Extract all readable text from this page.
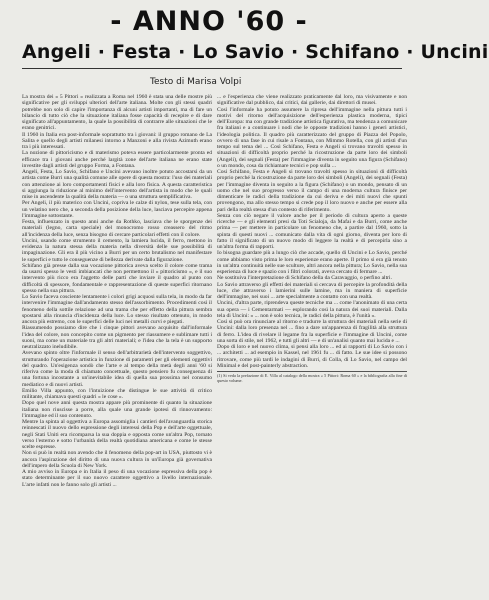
- ANNO '60 -
Angeli · Festa · Lo Savio · Schifano · Uncini
Testo di Marisa Volpi

La mostra dei « 5 Pittori » realizzata a Roma nel 1960 è stata una delle mostre più significative per gli sviluppi ulteriori dell'arte italiana. Molte con gli stessi quadri potrebbe non solo di capire l'importanza di alcuni artisti importanti, ma di fare un bilancio di tutto ciò che la situazione italiana fosse capacità di recepire e di dare significato all'appuntamento, la quale la possibilità di contrarre alle situazioni che le erano genitrici.

Il 1960 in Italia era post-informale soprattutto tra i giovani: il gruppo romano de La Salita e quello degli artisti milanesi intorno a Manzoni e alla rivista Azimuth erano tra i più interessati.

La nozione di pittoricismo e di materismo poteva essere particolarmente pronta ed efficace tra i giovani anche perché largità zone dell'arte italiana ne erano state investite dagli artisti del gruppo Forma, a Fontana.

Angeli, Festa, Lo Savio, Schifano e Uncini avevano inoltre potuto accostarsi da un artista come Burri una qualità comune alle opere di questa mostra: l'uso dei materiali con attenzione ai loro comportamenti fisici e alla loro fisica. A questa caratteristica si aggiunga la riduzione al minimo dell'intervento dell'artista in modo che le quali mise in ascendente la qualità della materia — o una struttura semplificativa.

Per Angeli, il più materico con Uncini, copriva le calze di nylon, tese sulla tela, con un velatino nero che, a seconda della posizione della luce, lasciava percepire appena l'immagine sottostante.

Festa, influenzato in questo anni anche da Rothko, lasciava che le sporgenze dei materiali (legno, carta speciale) del monocromo rosso creassero del ritmo all'incidenza della luce, senza bisogno di cercare particolari effetti con il colore.

Uncini, usando come strumento il cemento, la lamiera lucida, il ferro, mettono in evidenza la natura stessa della materia nella diversità delle sue possibilità di impaginazione. Gli era il più vicino a Burri per un certo brutalismo nel manifestare le superfici e tutto le conseguenze di bellezza derivate dalla figurazione.

Schifano già presse dalla sua vocazione pittorica aveva scelto il colore come trama da usarsi spesso le vesti imbiancati che non permettono il « pittoricismo », e il suo intervento più ricco era l'aggetto delle parti che inviare il quadro al punto con difficoltà di spessore, fondamentale e rappresentazione di queste superfici ritornano spesso nella sua pittura.

Lo Savio faceva cosciente lentamente i colori grigi acquosi sulla tela, in modo da far intervenire l'immagine dall'andamento stesso dell'assorbimento. Procedimenti così il fenomeno della sottile relazione ad una trama che per effetto della pittura sembra spostarsi alla rinuncia d'incidenza della luce. Lo stesso risultato ottenuto, in modo ancora più estremo, con le superfici delle luci nei metalli curvi e piegati.

Riassumendo possiamo dire che i cinque pittori avevano acquisito dall'informale l'idea del colore, non concepito come un pigmento per riassumere e sublimare tutti i suoni, ma come un materiale tra gli altri materiali; e l'idea che la tela è un supporto neutralizzato ineludibile.

Avevano spinto oltre l'informale il senso dell'arbitrarietà dell'intervento soggettivo, strutturando l'operazione artistica in funzione di parametri per gli elementi oggettivi del quadro. Un'esigenza sondò che l'arte e al tempo della metà degli anni '60 si riferiva come la moda di chiamato concettuale, questo pensiero fu conseguenza di una fortuna incostante a un'inevitabile idea di quella sua prossima nel consumo mediatico e di nuovi artisti.

Emilio Villa appunto, con l'intuizione che distingue le sue attività di critico militante, chiamava questi quadri « le cose ».

Dopo quel nove anni questa mostra appare più prominente di quanto la situazione italiana non riuscisse a porre, alla quale una grande ipotesi di rinnovamento: l'immagine ed il suo contenuto.

Mentre la spinta al oggettiva a Europa assomiglia i cantieri dell'avanguardia storica reinnescati il nuovo dello espressione degli interessi della Pop e dell'arte oggettuale, negli Stati Uniti era ricomparsa la sua doppia e opposta come un'altra Pop, tornato verso l'esterno e sotto l'urbanità della realtà quotidiana americana e come le stesse scelte espresse.

Non si può in realtà non avendo che il fenomeno della pop-art in USA, piuttosto vi è ancora l'aspirazione del diritto di una nuova cultura in un'Europa già governativa dell'impero della Scuola di New York.

A mio avviso in Europa e in Italia il peso di una vocazione espressiva della pop è stato determinante per il suo nuovo carattere oggettivo a livello internazionale. L'arte infatti non le fanno solo gli artisti ...

... e l'esperienza che viene realizzato praticamente dal loro, ma visivamente e non significative dal pubblico, dai critici, dai gallerie, dai direttori di musei.

Così l'informale ha potuto assumere la ripresa dell'immagine nella pittura tutti i motivi del ritorno dell'acquisizione dell'esperienza plastica moderna, tipici dell'Europa: ma con grande tradizione artistica figurativa, ma tendenza a comunicare fra italiani e a continuare i nodi che le opposte tradizioni hanno i generi artistici, l'ideologia politica. Il quadro più caratterizzato del gruppo di Piazza del Popolo, ovvero di una fase in cui risale a Fontana, con Mimmo Rotella, con gli artisti d'un tempo sul tema del ... Così Schifano, Festa e Angeli si trovano travolti spesso in situazioni di difficoltà proprio perché la ricostruzione da parte loro dei simboli (Angeli), dei segnali (Festa) per l'immagine diventa in seguito una figura (Schifano) o un mondo, cosa da richiamare tecnici e pop sulla ...

Cosi Schifano, Festa e Angeli si trovano travolti spesso in situazioni di difficoltà proprio perché la ricostruzione da parte loro dei simboli (Angeli), dei segnali (Festa) per l'immagine diventa in seguito a la figura (Schifano) o un mondo, pensato di un uomo che nel suo progresso verso il campo di una moderna cultura finisce per dimenticare le radici della tradizione da cui deriva e dei miti nuovi che spunti provengono, ma allo stesso tempo si crede pop il loro nuovo e anche per essere alla pari della realtà stessa d'un contesto di riferimento.

Senza con ciò negare il valore anche per il periodo di cultura aperto a queste ricerche — e gli elementi presi da Toti Scialoja, da Mafai e da Burri, come anche prima — per mettere in particolare un fenomeno che, a partire dal 1960, sotto la spinta di questi nuovi ... comunicato dalla vita di ogni giorno, diventa per loro di fatto il significato di un nuovo modo di leggere la realtà e di percepirla sino a un'altra forma di rapporti.

Io bisogna guardare più a lungo ciò che accade, quello di Uncini e Lo Savio, perché come abbiamo visto prima le loro esperienze erano aperte. Il primo si era già tenuto in un'altra continuità nelle sue sculture, altri ancora nella pittura; Lo Savio, nella sua esperienza di luce e spazio con i filtri colorati, aveva cercato di fermare ...

Ne sostituiva l'interpretazione di Schifano della da Caravaggio, o perfino altri.

Lo Savio attraverso gli effetti dei materiali si cercava di percepire la profondità della luce, che attraverso i lamierini sulle lamine, ma in maniera di superficie dell'immagine, nei suoi ... arte specialmente a contatto con una realtà.

Uncini, d'altra parte, riprendeva queste tecniche ma ... come l'anonimato di una certa sua opera — i Cementarmati — esplorando così la natura dei suoi materiali. Dalla tela di Uncini: « ... non è solo tecnica, le radici della pittura, è l'unità ».

Così si può ora rinunciare al ritorno e tradurre la struttura dei materiali nella serie di Uncini: dalla loro presenza nel ... fino a dare un'apparenza di fragilità alla struttura di ferro. L'idea di rivelare il legame fra la superficie e l'immagine di Uncini, come una sorta di stile, nel 1962, e tutti gli altri — e di un'analisi quanto mai lucida e ...

Dopo di loro e nel nuovo clima, si pensi alla loro ... ed ai rapporti di Lo Savio con i ... architetti ... ad esempio in Kassel, nel 1961 fu ... di fatto. Le sue idee si possono ritrovare, come più tardi le indagini di Burri, di Colla, di Lo Savio, nel campo del Minimal e del post-painterly abstraction.

(1) Si veda la prefazione di E. Villa al catalogo della mostra « 5 Pittori: Roma 60 » e la bibliografia alla fine di questo volume.
